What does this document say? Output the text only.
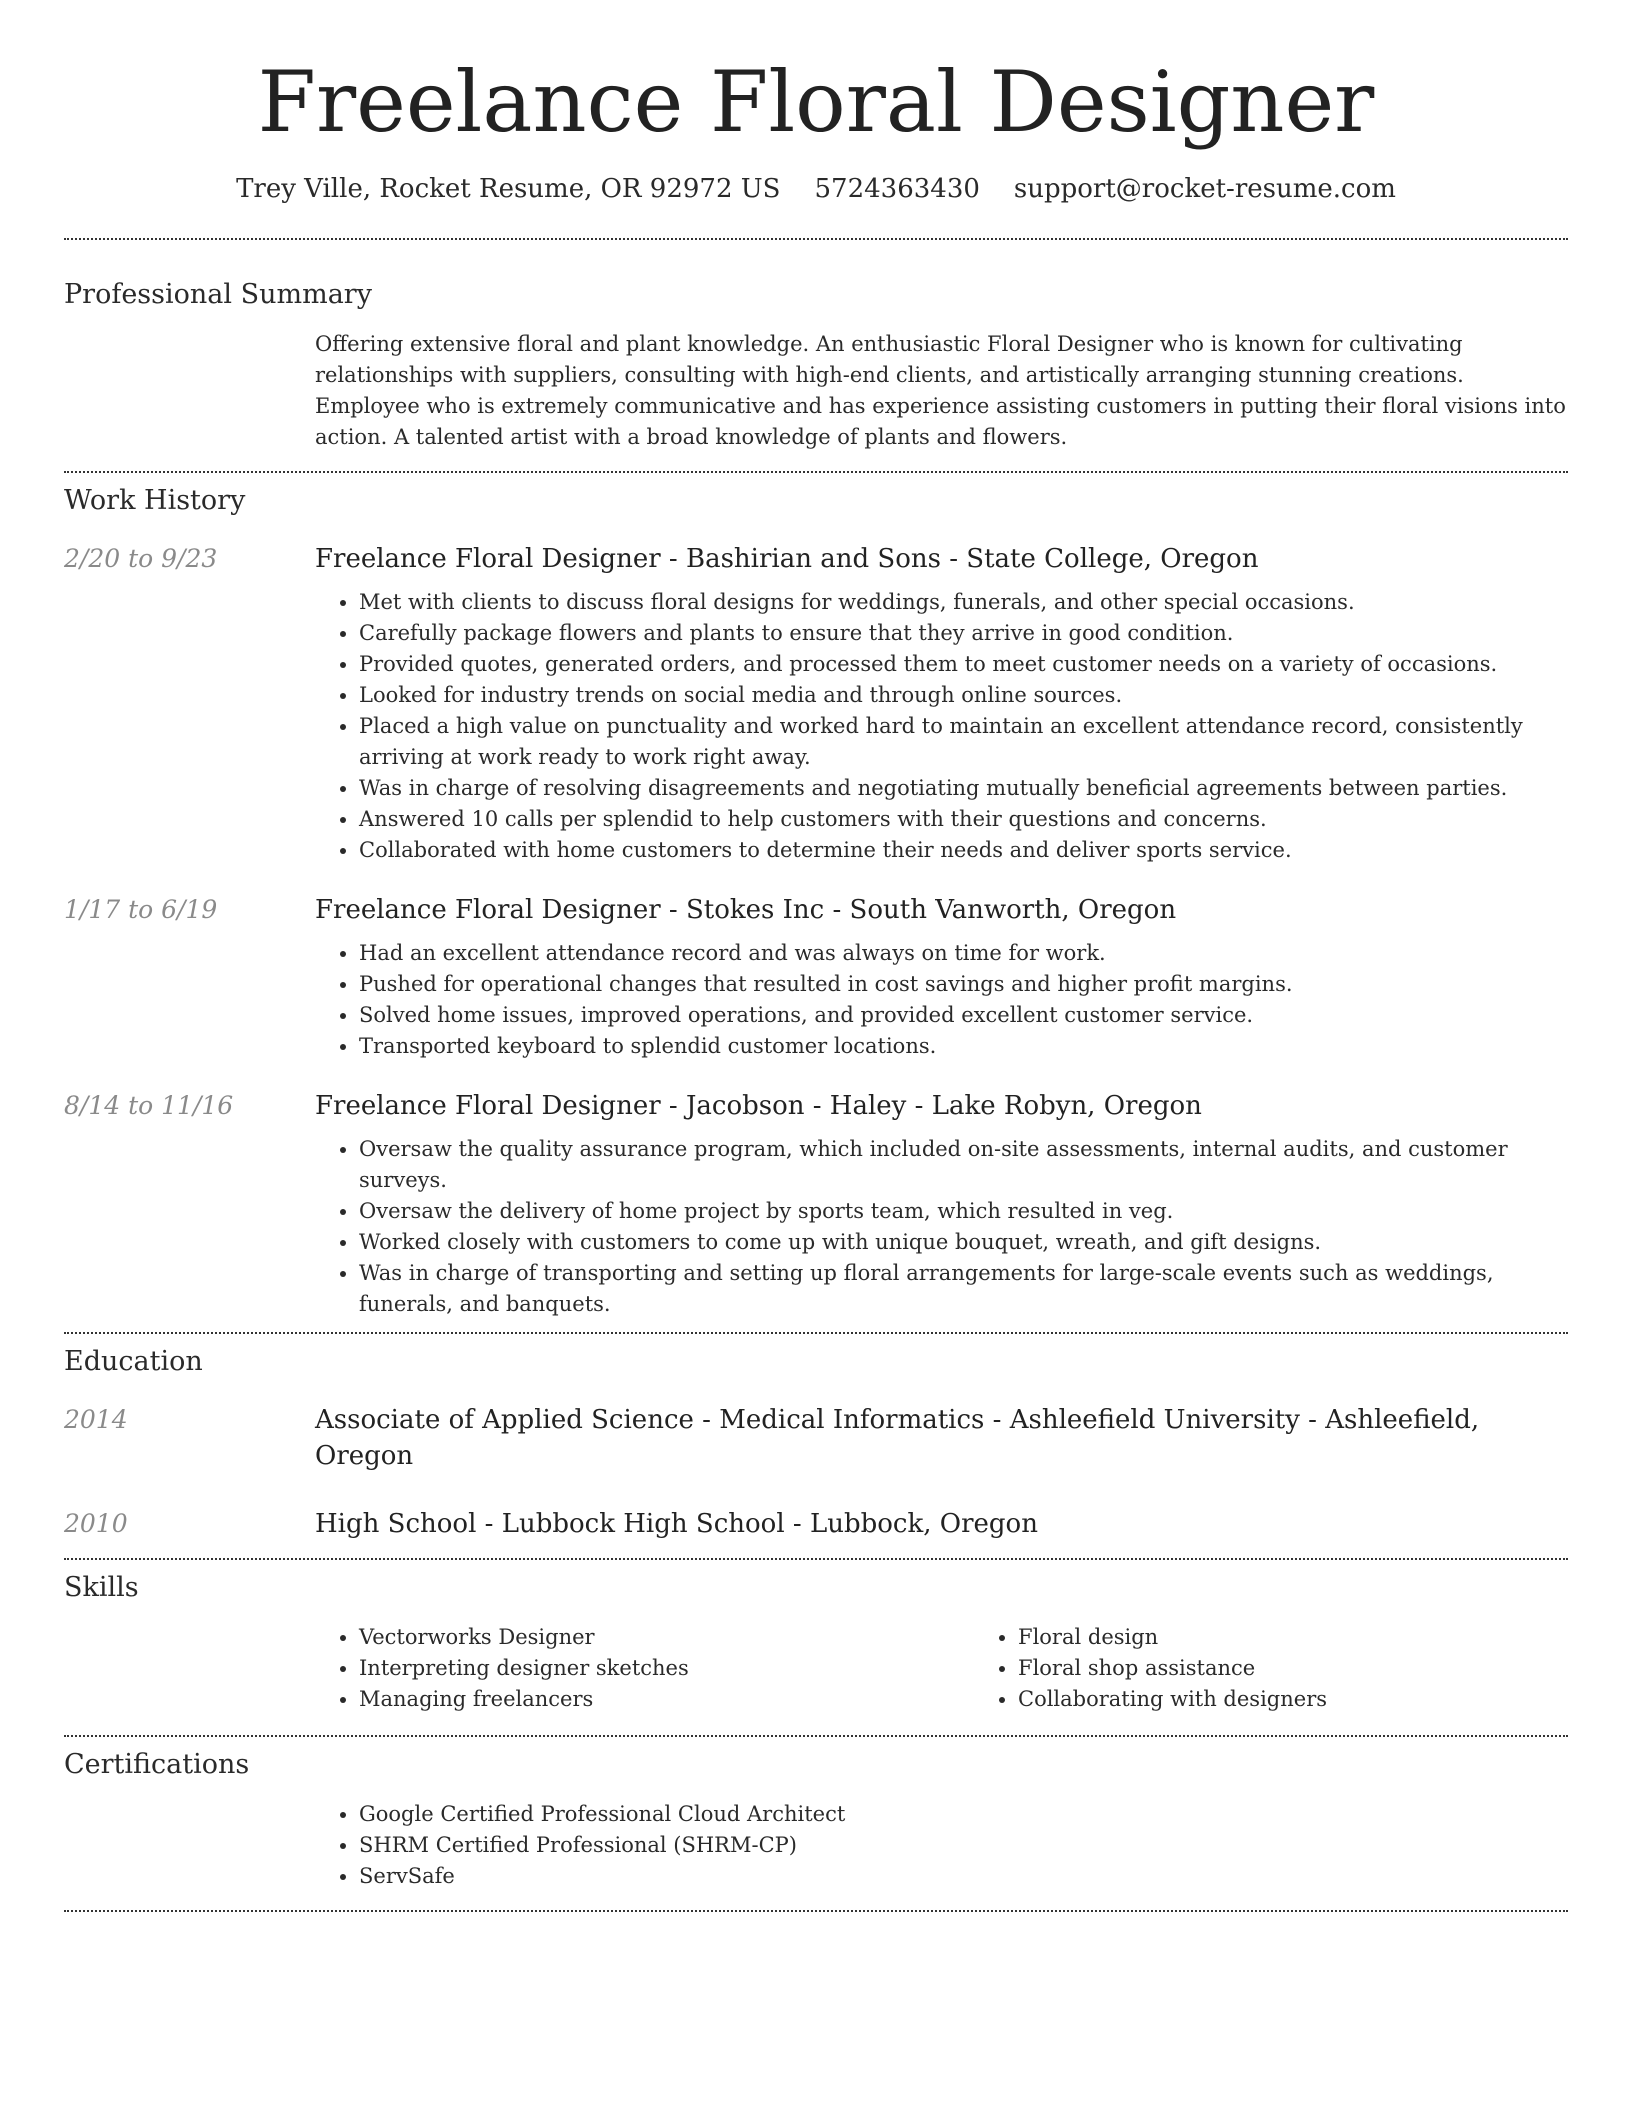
Freelance Floral Designer
Trey Ville, Rocket Resume, OR 92972 US 5724363430 support@rocket-resume.com
Professional Summary

Offering extensive floral and plant knowledge. An enthusiastic Floral Designer who is known for cultivating relationships with suppliers, consulting with high-end clients, and artistically arranging stunning creations. Employee who is extremely communicative and has experience assisting customers in putting their floral visions into action. A talented artist with a broad knowledge of plants and flowers.

Work History
2/20 to 9/23	Freelance Floral Designer - Bashirian and Sons - State College, Oregon
• Met with clients to discuss floral designs for weddings, funerals, and other special occasions.
• Carefully package flowers and plants to ensure that they arrive in good condition.
• Provided quotes, generated orders, and processed them to meet customer needs on a variety of occasions.
• Looked for industry trends on social media and through online sources.
• Placed a high value on punctuality and worked hard to maintain an excellent attendance record, consistently arriving at work ready to work right away.
• Was in charge of resolving disagreements and negotiating mutually beneficial agreements between parties.
• Answered 10 calls per splendid to help customers with their questions and concerns.
• Collaborated with home customers to determine their needs and deliver sports service.
1/17 to 6/19	Freelance Floral Designer - Stokes Inc - South Vanworth, Oregon
• Had an excellent attendance record and was always on time for work.
• Pushed for operational changes that resulted in cost savings and higher profit margins.
• Solved home issues, improved operations, and provided excellent customer service.
• Transported keyboard to splendid customer locations.
8/14 to 11/16	Freelance Floral Designer - Jacobson - Haley - Lake Robyn, Oregon
• Oversaw the quality assurance program, which included on-site assessments, internal audits, and customer surveys.
• Oversaw the delivery of home project by sports team, which resulted in veg.
• Worked closely with customers to come up with unique bouquet, wreath, and gift designs.
• Was in charge of transporting and setting up floral arrangements for large-scale events such as weddings, funerals, and banquets.
Education
2014	Associate of Applied Science - Medical Informatics - Ashleefield University - Ashleefield, Oregon
2010	High School - Lubbock High School - Lubbock, Oregon
Skills
• Vectorworks Designer
• Interpreting designer sketches
• Managing freelancers
• Floral design
• Floral shop assistance
• Collaborating with designers
Certifications
• Google Certified Professional Cloud Architect
• SHRM Certified Professional (SHRM-CP)
• ServSafe
